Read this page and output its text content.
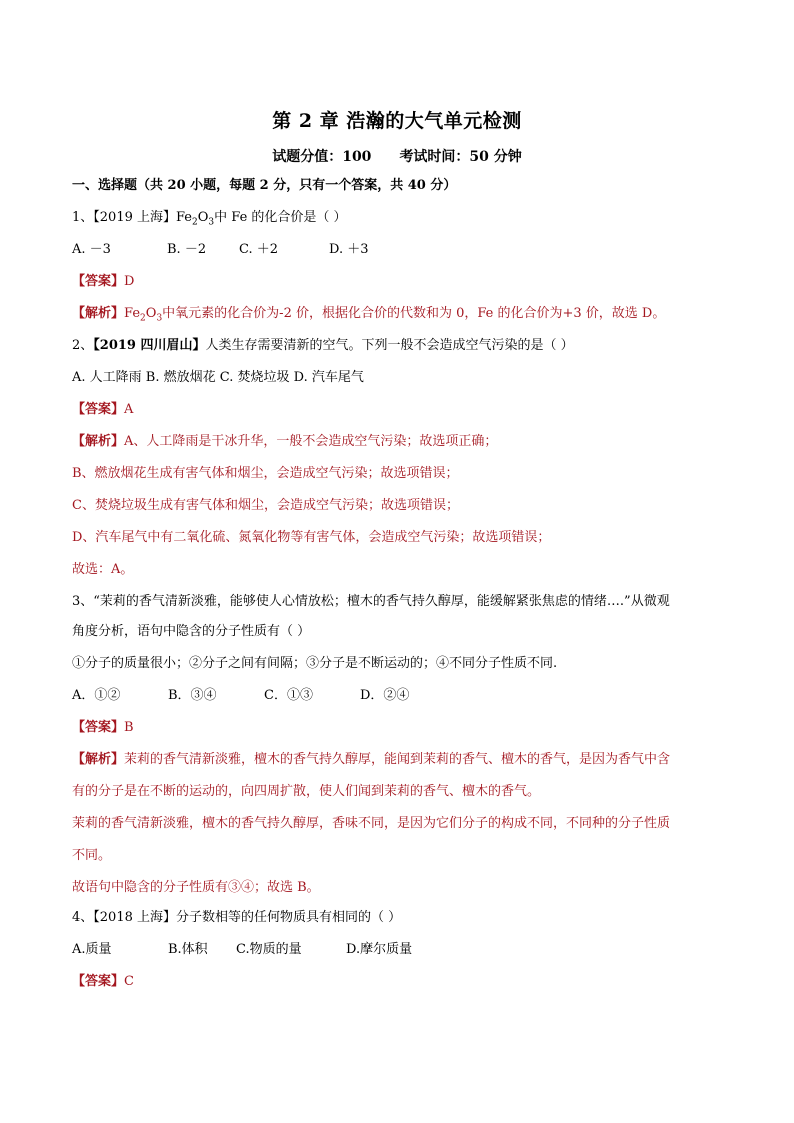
第 2 章 浩瀚的大气单元检测
试题分值：100 考试时间：50 分钟
一、选择题（共 20 小题，每题 2 分，只有一个答案，共 40 分）
1、【2019 上海】$Fe_2O_3$中 Fe 的化合价是（ ）
A. －3	B. －2	C. ＋2	D. ＋3
【答案】D
【解析】$Fe_2O_3$中氧元素的化合价为-2 价，根据化合价的代数和为 0，Fe 的化合价为+3 价，故选 D。
2、【2019 四川眉山】人类生存需要清新的空气。下列一般不会造成空气污染的是（ ）
A. 人工降雨 B. 燃放烟花 C. 焚烧垃圾 D. 汽车尾气
【答案】A
【解析】A、人工降雨是干冰升华，一般不会造成空气污染；故选项正确；
B、燃放烟花生成有害气体和烟尘，会造成空气污染；故选项错误；
C、焚烧垃圾生成有害气体和烟尘，会造成空气污染；故选项错误；
D、汽车尾气中有二氧化硫、氮氧化物等有害气体，会造成空气污染；故选项错误；
故选：A。
3、“茉莉的香气清新淡雅，能够使人心情放松；檀木的香气持久醇厚，能缓解紧张焦虑的情绪….”从微观
角度分析，语句中隐含的分子性质有（ ）
①分子的质量很小；②分子之间有间隔；③分子是不断运动的；④不同分子性质不同.
A．①②	B．③④	C．①③	D．②④
【答案】B
【解析】茉莉的香气清新淡雅，檀木的香气持久醇厚，能闻到茉莉的香气、檀木的香气，是因为香气中含
有的分子是在不断的运动的，向四周扩散，使人们闻到茉莉的香气、檀木的香气。
茉莉的香气清新淡雅，檀木的香气持久醇厚，香味不同，是因为它们分子的构成不同，不同种的分子性质
不同。
故语句中隐含的分子性质有③④；故选 B。
4、【2018 上海】分子数相等的任何物质具有相同的（ ）
A.质量	B.体积 C.物质的量	D.摩尔质量
【答案】C
